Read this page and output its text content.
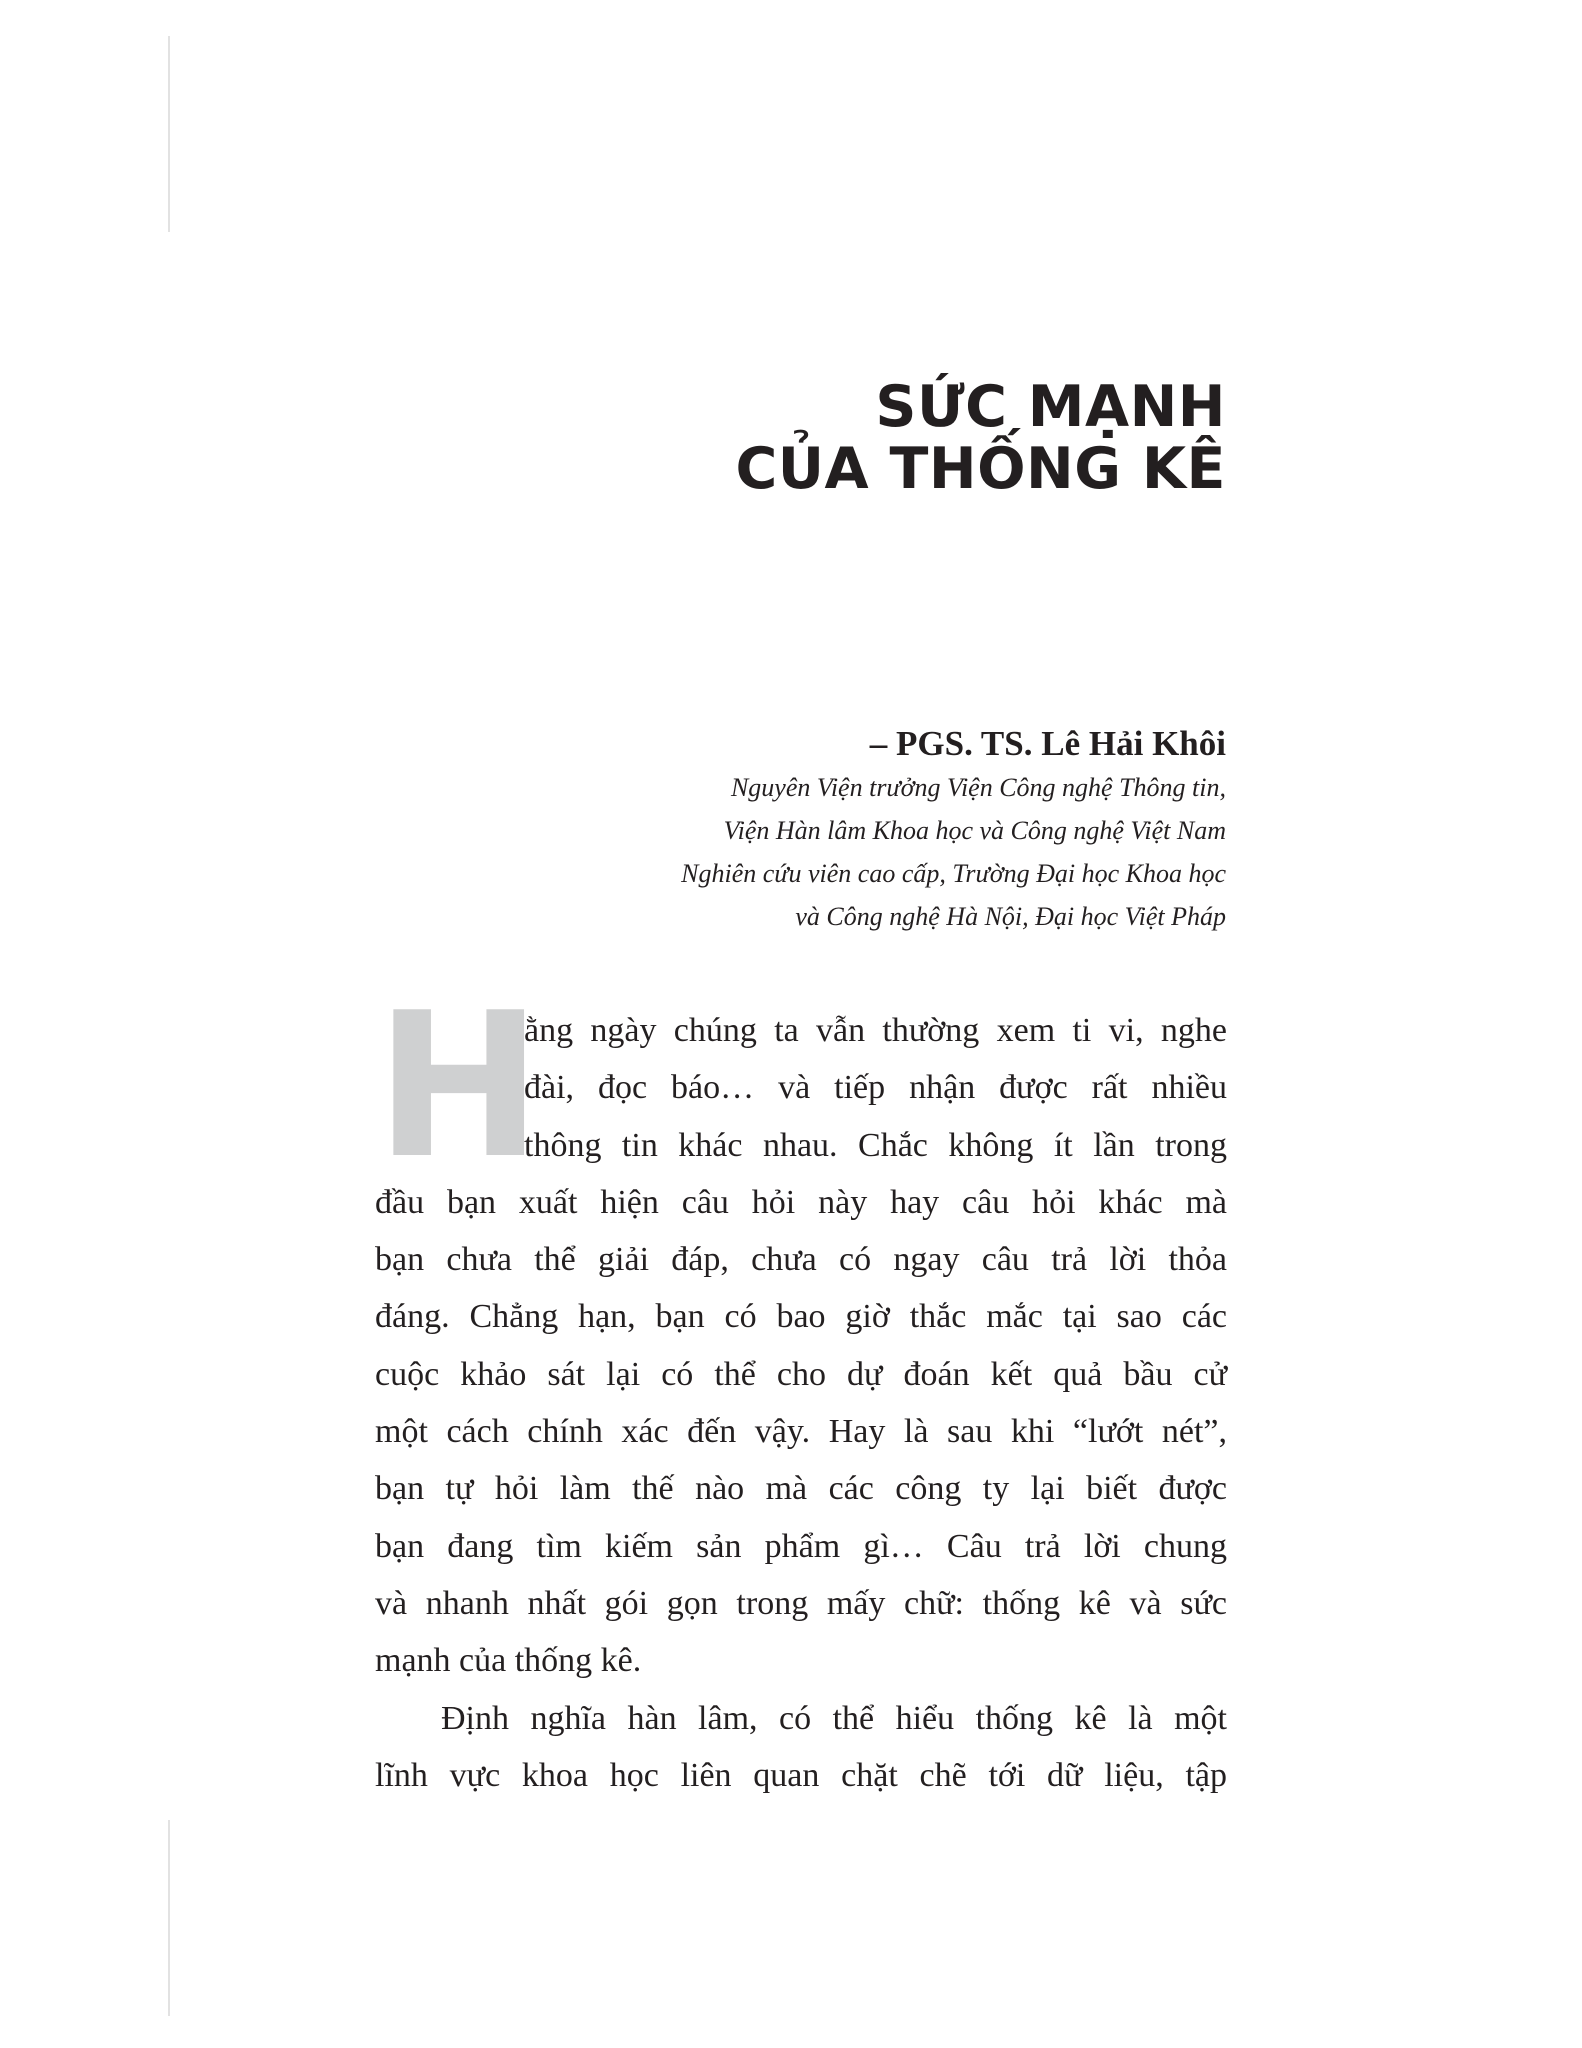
SỨC MẠNH
CỦA THỐNG KÊ
– PGS. TS. Lê Hải Khôi
Nguyên Viện trưởng Viện Công nghệ Thông tin,
Viện Hàn lâm Khoa học và Công nghệ Việt Nam
Nghiên cứu viên cao cấp, Trường Đại học Khoa học
và Công nghệ Hà Nội, Đại học Việt Pháp
H
ằng ngày chúng ta vẫn thường xem ti vi, nghe
đài, đọc báo… và tiếp nhận được rất nhiều
thông tin khác nhau. Chắc không ít lần trong
đầu bạn xuất hiện câu hỏi này hay câu hỏi khác mà
bạn chưa thể giải đáp, chưa có ngay câu trả lời thỏa
đáng. Chẳng hạn, bạn có bao giờ thắc mắc tại sao các
cuộc khảo sát lại có thể cho dự đoán kết quả bầu cử
một cách chính xác đến vậy. Hay là sau khi “lướt nét”,
bạn tự hỏi làm thế nào mà các công ty lại biết được
bạn đang tìm kiếm sản phẩm gì… Câu trả lời chung
và nhanh nhất gói gọn trong mấy chữ: thống kê và sức
mạnh của thống kê.
Định nghĩa hàn lâm, có thể hiểu thống kê là một
lĩnh vực khoa học liên quan chặt chẽ tới dữ liệu, tập
